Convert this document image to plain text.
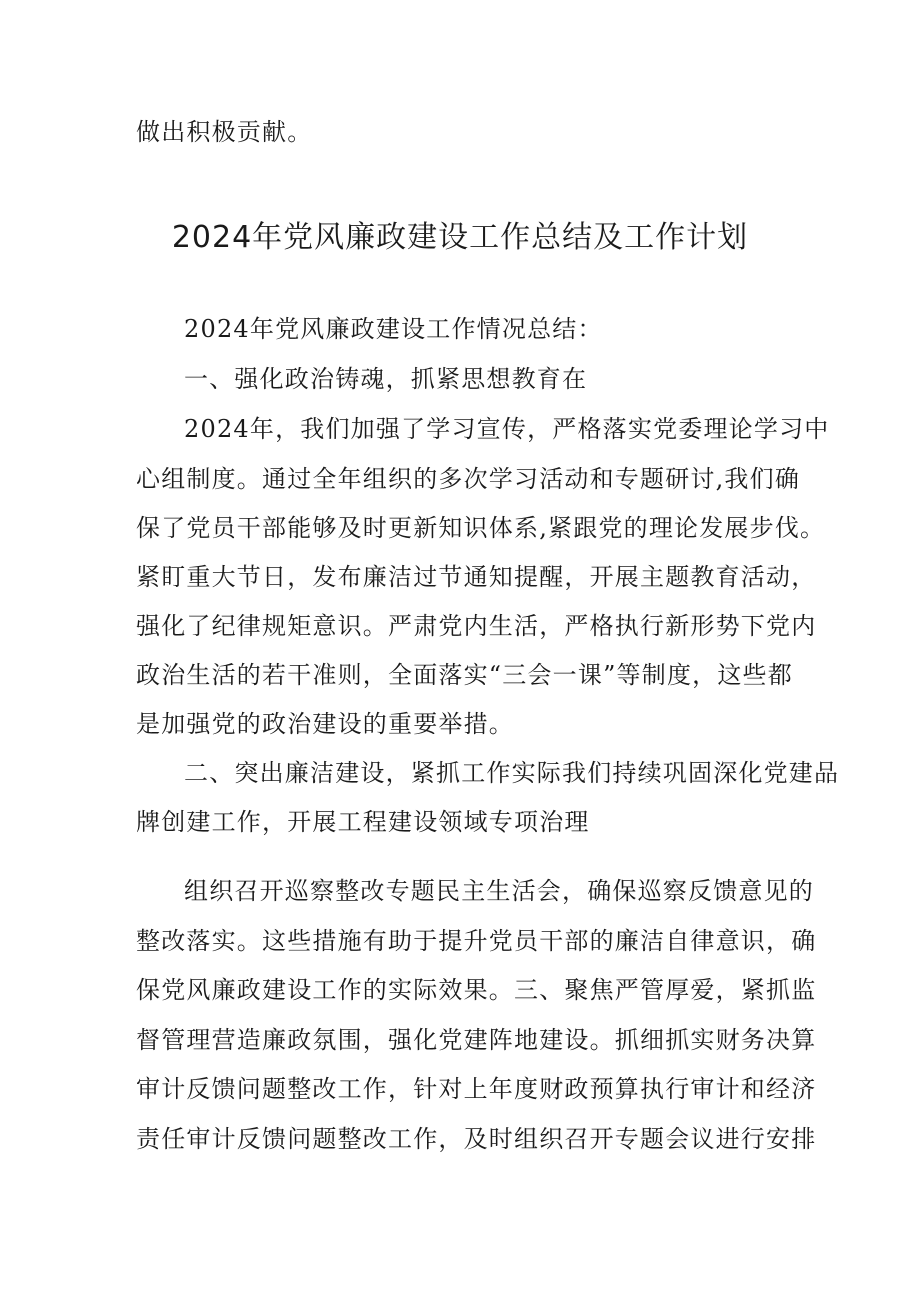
做出积极贡献。
2024年党风廉政建设工作总结及工作计划
2024年党风廉政建设工作情况总结：
一、强化政治铸魂，抓紧思想教育在
2024年，我们加强了学习宣传，严格落实党委理论学习中
心组制度。通过全年组织的多次学习活动和专题研讨,我们确
保了党员干部能够及时更新知识体系,紧跟党的理论发展步伐。
紧盯重大节日，发布廉洁过节通知提醒，开展主题教育活动，
强化了纪律规矩意识。严肃党内生活，严格执行新形势下党内
政治生活的若干准则，全面落实“三会一课”等制度，这些都
是加强党的政治建设的重要举措。
二、突出廉洁建设，紧抓工作实际我们持续巩固深化党建品
牌创建工作，开展工程建设领域专项治理
组织召开巡察整改专题民主生活会，确保巡察反馈意见的
整改落实。这些措施有助于提升党员干部的廉洁自律意识，确
保党风廉政建设工作的实际效果。三、聚焦严管厚爱，紧抓监
督管理营造廉政氛围，强化党建阵地建设。抓细抓实财务决算
审计反馈问题整改工作，针对上年度财政预算执行审计和经济
责任审计反馈问题整改工作，及时组织召开专题会议进行安排
